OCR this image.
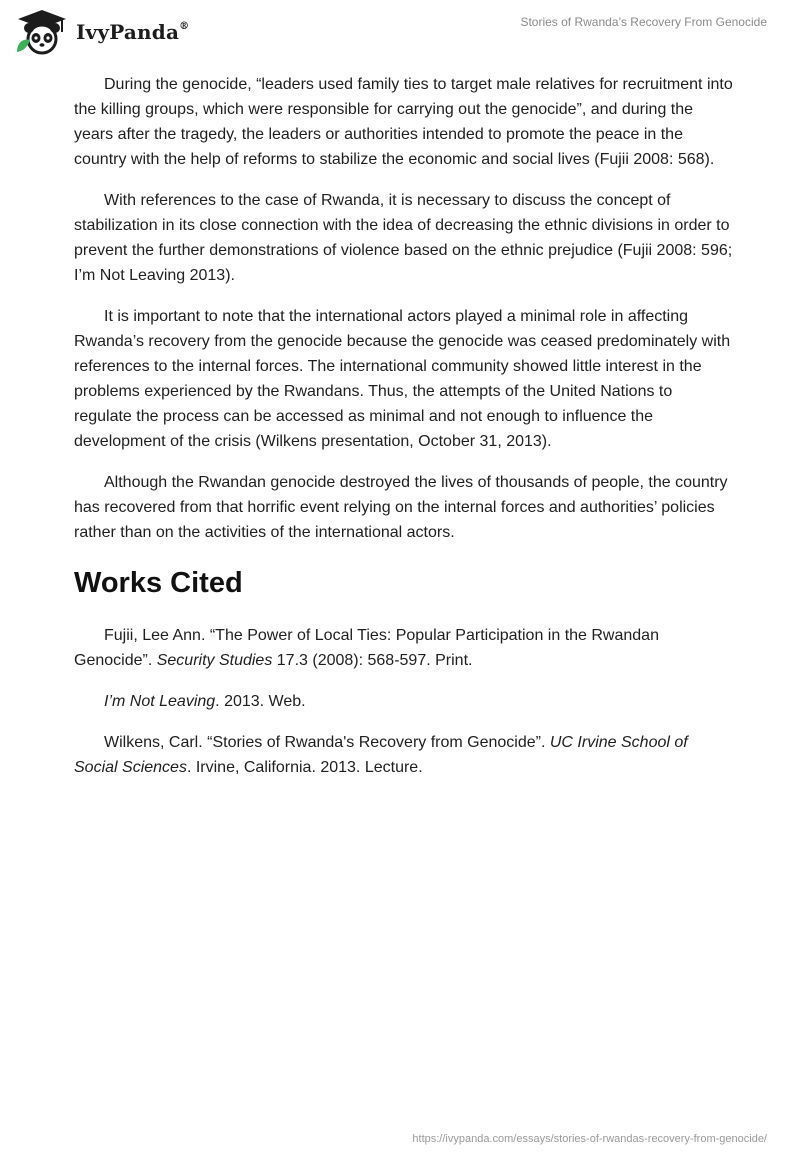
IvyPanda®	Stories of Rwanda’s Recovery From Genocide

During the genocide, “leaders used family ties to target male relatives for recruitment into the killing groups, which were responsible for carrying out the genocide”, and during the years after the tragedy, the leaders or authorities intended to promote the peace in the country with the help of reforms to stabilize the economic and social lives (Fujii 2008: 568).

With references to the case of Rwanda, it is necessary to discuss the concept of stabilization in its close connection with the idea of decreasing the ethnic divisions in order to prevent the further demonstrations of violence based on the ethnic prejudice (Fujii 2008: 596; I’m Not Leaving 2013).

It is important to note that the international actors played a minimal role in affecting Rwanda’s recovery from the genocide because the genocide was ceased predominately with references to the internal forces. The international community showed little interest in the problems experienced by the Rwandans. Thus, the attempts of the United Nations to regulate the process can be accessed as minimal and not enough to influence the development of the crisis (Wilkens presentation, October 31, 2013).

Although the Rwandan genocide destroyed the lives of thousands of people, the country has recovered from that horrific event relying on the internal forces and authorities’ policies rather than on the activities of the international actors.

Works Cited

Fujii, Lee Ann. “The Power of Local Ties: Popular Participation in the Rwandan Genocide”. Security Studies 17.3 (2008): 568-597. Print.

I’m Not Leaving. 2013. Web.

Wilkens, Carl. “Stories of Rwanda's Recovery from Genocide”. UC Irvine School of Social Sciences. Irvine, California. 2013. Lecture.

https://ivypanda.com/essays/stories-of-rwandas-recovery-from-genocide/
